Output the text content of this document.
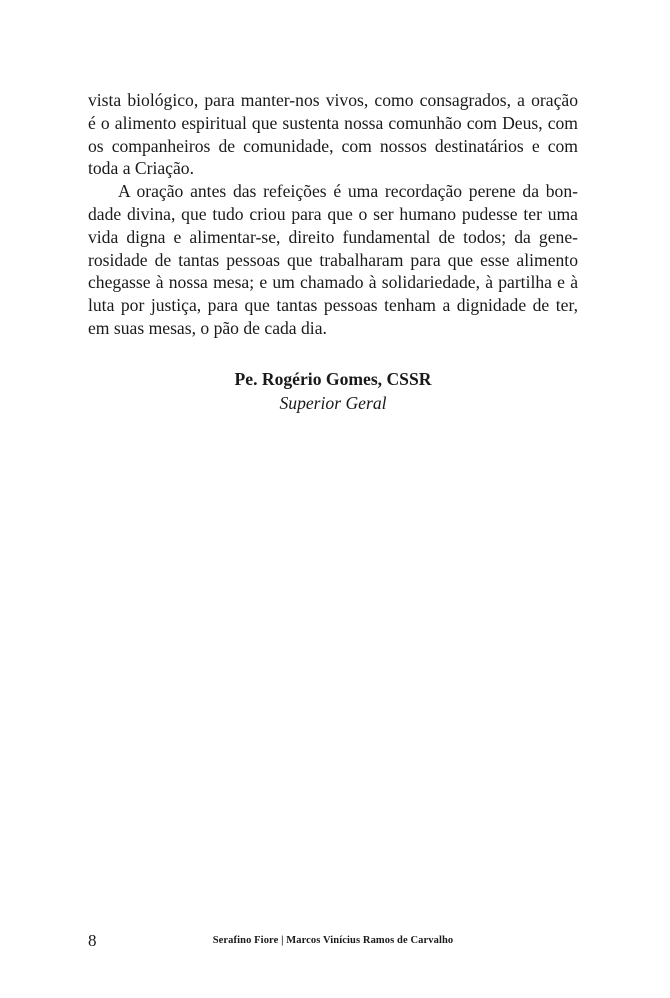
vista biológico, para manter-nos vivos, como consagrados, a oração
é o alimento espiritual que sustenta nossa comunhão com Deus, com
os companheiros de comunidade, com nossos destinatários e com
toda a Criação.
A oração antes das refeições é uma recordação perene da bon-
dade divina, que tudo criou para que o ser humano pudesse ter uma
vida digna e alimentar-se, direito fundamental de todos; da gene-
rosidade de tantas pessoas que trabalharam para que esse alimento
chegasse à nossa mesa; e um chamado à solidariedade, à partilha e à
luta por justiça, para que tantas pessoas tenham a dignidade de ter,
em suas mesas, o pão de cada dia.
Pe. Rogério Gomes, CSSR
Superior Geral
8	Serafino Fiore | Marcos Vinícius Ramos de Carvalho
